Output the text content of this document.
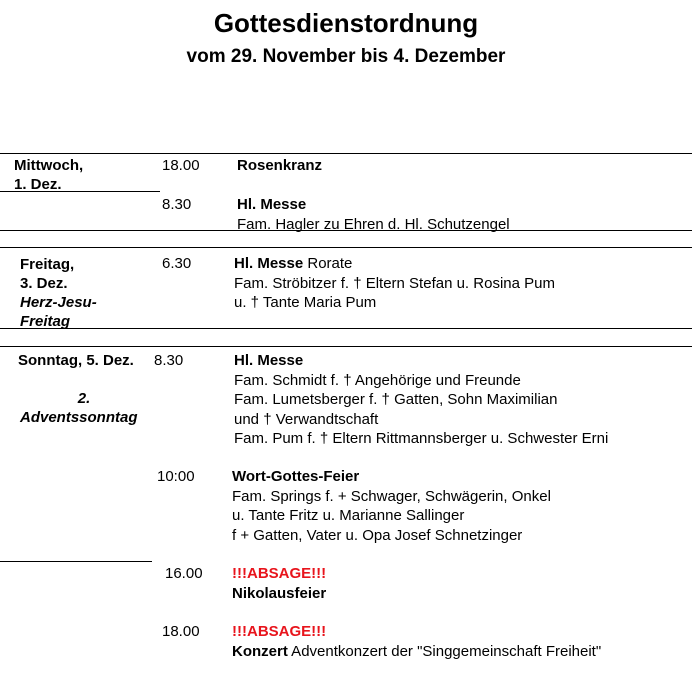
Gottesdienstordnung
vom 29. November bis 4. Dezember
Mittwoch,
1. Dez.
18.00 Rosenkranz
8.30	Hl. Messe
Fam. Hagler zu Ehren d. Hl. Schutzengel
Freitag,
3. Dez.
Herz-Jesu-
Freitag
6.30	Hl. Messe Rorate
Fam. Ströbitzer f. † Eltern Stefan u. Rosina Pum
u. † Tante Maria Pum
Sonntag, 5. Dez.
2.
Adventssonntag
8.30	Hl. Messe
Fam. Schmidt f. † Angehörige und Freunde
Fam. Lumetsberger f. † Gatten, Sohn Maximilian
und † Verwandtschaft
Fam. Pum f. † Eltern Rittmannsberger u. Schwester Erni
10:00 Wort-Gottes-Feier
Fam. Springs f. + Schwager, Schwägerin, Onkel
u. Tante Fritz u. Marianne Sallinger
f + Gatten, Vater u. Opa Josef Schnetzinger
16.00 !!!ABSAGE!!!
Nikolausfeier
18.00 !!!ABSAGE!!!
Konzert Adventkonzert der "Singgemeinschaft Freiheit"
